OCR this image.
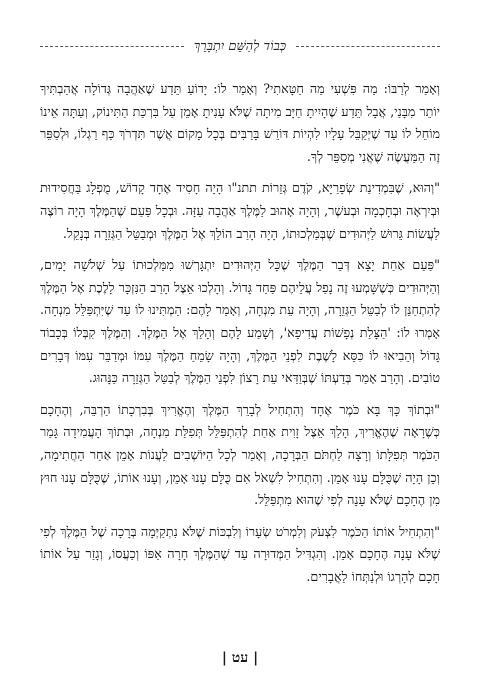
כְּבוֹד לְהַשֵּׁם יִתְבָּרֵךְ

וְאָמַר לְרַבּוֹ: מַה פִּשְׁעִי מַה חַטָּאתִי? וְאָמַר לוֹ: יָדוֹעַ תֵּדַע שֶׁאַהֲבָה גְּדוֹלָה אֲהַבְתִּיךָ יוֹתֵר מִבָּנַי, אֲבָל תֵּדַע שֶׁהָיִיתָ חַיָּב מִיתָה שֶׁלֹּא עָנִיתָ אָמֵן עַל בִּרְכַּת הַתִּינוֹק, וְעַתָּה אֵינוֹ מוֹחֵל לוֹ עַד שֶׁיְּקַבֵּל עָלָיו לִהְיוֹת דּוֹרֵשׁ בָּרַבִּים בְּכָל מָקוֹם אֲשֶׁר תִּדְרֹךְ כַּף רַגְלוֹ, וּלְסַפֵּר זֶה הַמַּעֲשֶׂה שֶׁאֲנִי מְסַפֵּר לְךָ.

"וְהוּא, שֶׁבִּמְדִינַת שְׂפָרַיָּא, קֹדֶם גְּזֵרוֹת תתנ"ו הָיָה חָסִיד אֶחָד קָדוֹשׁ, מֻפְלָג בַּחֲסִידוּת וּבְיִרְאָה וּבְחָכְמָה וּבְעשֶׁר, וְהָיָה אָהוּב לַמֶּלֶךְ אַהֲבָה עַזָּה. וּבְכָל פַּעַם שֶׁהַמֶּלֶךְ הָיָה רוֹצֶה לַעֲשׂוֹת גֵּרוּשׁ לַיְּהוּדִים שֶׁבְּמַלְכוּתוֹ, הָיָה הָרַב הוֹלֵךְ אֶל הַמֶּלֶךְ וּמְבַטֵּל הַגְּזֵרָה בְּנָקֵל.

"פַּעַם אַחַת יָצָא דְּבַר הַמֶּלֶךְ שֶׁכָּל הַיְּהוּדִים יִתְגָּרְשׁוּ מִמַּלְכוּתוֹ עַל שְׁלֹשָׁה יָמִים, וְהַיְּהוּדִים כְּשֶׁשָּׁמְעוּ זֶה נָפַל עֲלֵיהֶם פַּחַד גָּדוֹל. וְהָלְכוּ אֵצֶל הָרַב הַנִּזְכָּר לָלֶכֶת אֶל הַמֶּלֶךְ לְהִתְחַנֵּן לוֹ לְבַטֵּל הַגְּזֵרָה, וְהָיָה עֵת מִנְחָה, וְאָמַר לָהֶם: הַמְתִּינוּ לוֹ עַד שֶׁיִּתְפַּלֵּל מִנְחָה. אָמְרוּ לוֹ: 'הַצָּלַת נְפָשׁוֹת עֲדִיפָא', וְשָׁמַע לָהֶם וְהָלַךְ אֶל הַמֶּלֶךְ. וְהַמֶּלֶךְ קִבְּלוֹ בְּכָבוֹד גָּדוֹל וְהֵבִיאוּ לוֹ כִּסֵּא לָשֶׁבֶת לִפְנֵי הַמֶּלֶךְ, וְהָיָה שָׂמֵחַ הַמֶּלֶךְ עִמּוֹ וּמְדַבֵּר עִמּוֹ דְּבָרִים טוֹבִים. וְהָרַב אָמַר בְּדַעְתּוֹ שֶׁבְּוַדַּאי עֵת רָצוֹן לִפְנֵי הַמֶּלֶךְ לְבַטֵּל הַגְּזֵרָה כַּנָּהוּג.

"וּבְתוֹךְ כָּךְ בָּא כֹּמֶר אֶחָד וְהִתְחִיל לְבָרֵךְ הַמֶּלֶךְ וְהֶאֱרִיךְ בְּבִרְכָתוֹ הַרְבֵּה, וְהֶחָכָם כְּשֶׁרָאָה שֶׁהֶאֱרִיךְ, הָלַךְ אֵצֶל זָוִית אַחַת לְהִתְפַּלֵּל תְּפִלַּת מִנְחָה, וּבְתוֹךְ הָעֲמִידָה גָּמַר הַכֹּמֶר תְּפִלָּתוֹ וְרָצָה לַחְתֹּם הַבְּרָכָה, וְאָמַר לְכָל הַיּוֹשְׁבִים לַעֲנוֹת אָמֵן אַחַר הַחֲתִימָה, וְכֵן הָיָה שֶׁכֻּלָּם עָנוּ אָמֵן. וְהִתְחִיל לִשְׁאֹל אִם כֻּלָּם עָנוּ אָמֵן, וְעָנוּ אוֹתוֹ, שֶׁכֻּלָּם עָנוּ חוּץ מִן הֶחָכָם שֶׁלֹּא עָנָה לְפִי שֶׁהוּא מִתְפַּלֵּל.

"וְהִתְחִיל אוֹתוֹ הַכֹּמֶר לִצְעֹק וְלִמְרֹט שְׂעָרוֹ וְלִבְכּוֹת שֶׁלֹּא נִתְקַיְּמָה בְּרָכָה שֶׁל הַמֶּלֶךְ לְפִי שֶׁלֹּא עָנָה הֶחָכָם אָמֵן. וְהִגְדִּיל הַמְּדוּרָה עַד שֶׁהַמֶּלֶךְ חָרָה אַפּוֹ וְכַעֲסוֹ, וְגָזַר עַל אוֹתוֹ חָכָם לְהָרְגוֹ וּלְנַתְּחוֹ לַאֲבָרִים.

| עט |
